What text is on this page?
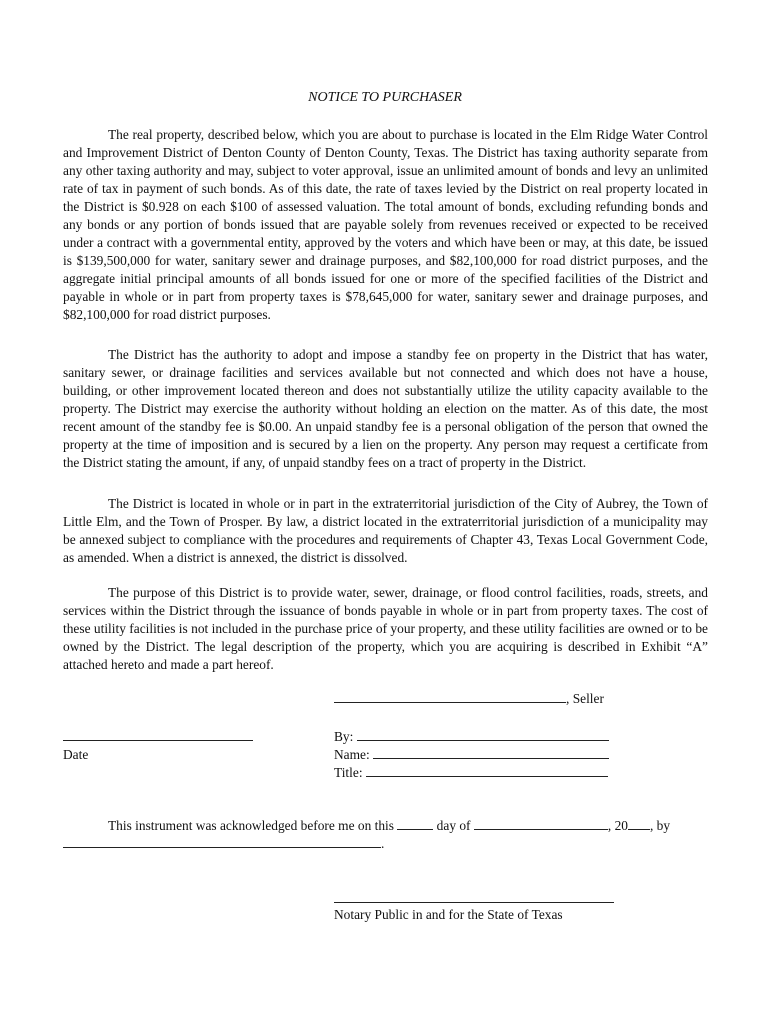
NOTICE TO PURCHASER

The real property, described below, which you are about to purchase is located in the Elm Ridge Water Control and Improvement District of Denton County of Denton County, Texas. The District has taxing authority separate from any other taxing authority and may, subject to voter approval, issue an unlimited amount of bonds and levy an unlimited rate of tax in payment of such bonds. As of this date, the rate of taxes levied by the District on real property located in the District is $0.928 on each $100 of assessed valuation. The total amount of bonds, excluding refunding bonds and any bonds or any portion of bonds issued that are payable solely from revenues received or expected to be received under a contract with a governmental entity, approved by the voters and which have been or may, at this date, be issued is $139,500,000 for water, sanitary sewer and drainage purposes, and $82,100,000 for road district purposes, and the aggregate initial principal amounts of all bonds issued for one or more of the specified facilities of the District and payable in whole or in part from property taxes is $78,645,000 for water, sanitary sewer and drainage purposes, and $82,100,000 for road district purposes.

The District has the authority to adopt and impose a standby fee on property in the District that has water, sanitary sewer, or drainage facilities and services available but not connected and which does not have a house, building, or other improvement located thereon and does not substantially utilize the utility capacity available to the property. The District may exercise the authority without holding an election on the matter. As of this date, the most recent amount of the standby fee is $0.00. An unpaid standby fee is a personal obligation of the person that owned the property at the time of imposition and is secured by a lien on the property. Any person may request a certificate from the District stating the amount, if any, of unpaid standby fees on a tract of property in the District.

The District is located in whole or in part in the extraterritorial jurisdiction of the City of Aubrey, the Town of Little Elm, and the Town of Prosper. By law, a district located in the extraterritorial jurisdiction of a municipality may be annexed subject to compliance with the procedures and requirements of Chapter 43, Texas Local Government Code, as amended. When a district is annexed, the district is dissolved.

The purpose of this District is to provide water, sewer, drainage, or flood control facilities, roads, streets, and services within the District through the issuance of bonds payable in whole or in part from property taxes. The cost of these utility facilities is not included in the purchase price of your property, and these utility facilities are owned or to be owned by the District. The legal description of the property, which you are acquiring is described in Exhibit “A” attached hereto and made a part hereof.

, Seller
Date
By:
Name:
Title:
This instrument was acknowledged before me on this	day of	, 20 , by
.
Notary Public in and for the State of Texas
